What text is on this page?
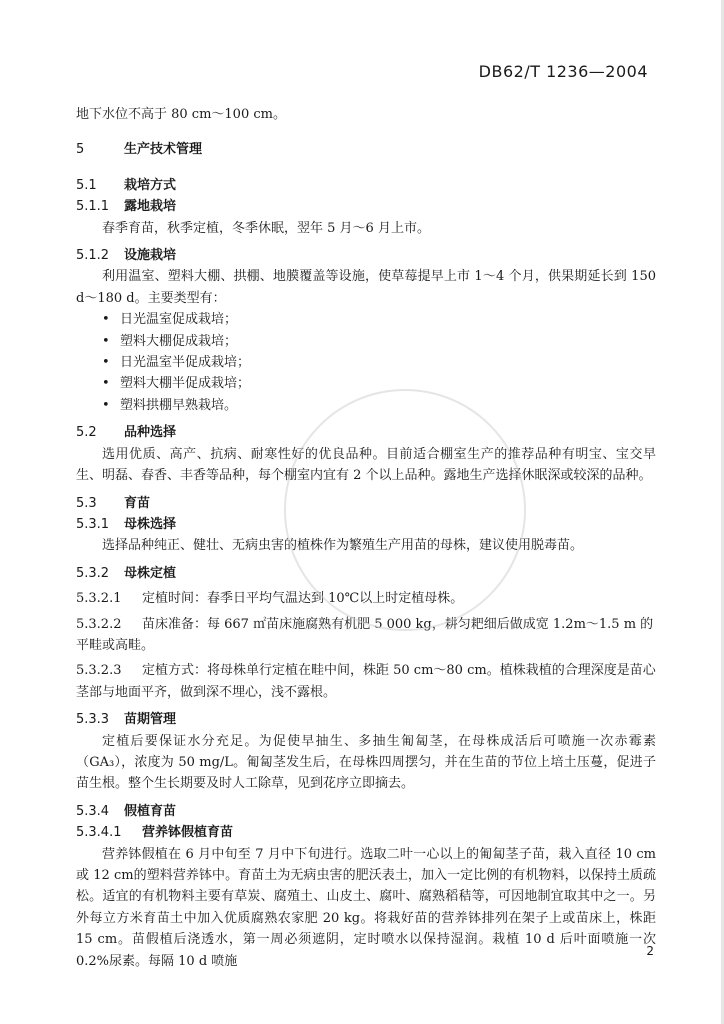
DB62/T 1236—2004
地下水位不高于 80 cm～100 cm。
5	生产技术管理
5.1 栽培方式
5.1.1 露地栽培
春季育苗，秋季定植，冬季休眠，翌年 5 月～6 月上市。
5.1.2 设施栽培
利用温室、塑料大棚、拱棚、地膜覆盖等设施，使草莓提早上市 1～4 个月，供果期延长到 150 d～180 d。主要类型有：
• 日光温室促成栽培；
• 塑料大棚促成栽培；
• 日光温室半促成栽培；
• 塑料大棚半促成栽培；
• 塑料拱棚早熟栽培。
5.2 品种选择
选用优质、高产、抗病、耐寒性好的优良品种。目前适合棚室生产的推荐品种有明宝、宝交早生、明磊、春香、丰香等品种，每个棚室内宜有 2 个以上品种。露地生产选择休眠深或较深的品种。
5.3 育苗
5.3.1 母株选择
选择品种纯正、健壮、无病虫害的植株作为繁殖生产用苗的母株，建议使用脱毒苗。
5.3.2 母株定植
5.3.2.1 定植时间：春季日平均气温达到 10℃以上时定植母株。
5.3.2.2 苗床准备：每 667 ㎡苗床施腐熟有机肥 5 000 kg，耕匀耙细后做成宽 1.2m～1.5 m 的平畦或高畦。
5.3.2.3 定植方式：将母株单行定植在畦中间，株距 50 cm～80 cm。植株栽植的合理深度是苗心茎部与地面平齐，做到深不埋心，浅不露根。
5.3.3 苗期管理
定植后要保证水分充足。为促使早抽生、多抽生匍匐茎，在母株成活后可喷施一次赤霉素（GA₃），浓度为 50 mg/L。匍匐茎发生后，在母株四周摆匀，并在生苗的节位上培土压蔓，促进子苗生根。整个生长期要及时人工除草，见到花序立即摘去。
5.3.4 假植育苗
5.3.4.1 营养钵假植育苗
营养钵假植在 6 月中旬至 7 月中下旬进行。选取二叶一心以上的匍匐茎子苗，栽入直径 10 cm或 12 cm的塑料营养钵中。育苗土为无病虫害的肥沃表土，加入一定比例的有机物料，以保持土质疏松。适宜的有机物料主要有草炭、腐殖土、山皮土、腐叶、腐熟稻秸等，可因地制宜取其中之一。另外每立方米育苗土中加入优质腐熟农家肥 20 kg。将栽好苗的营养钵排列在架子上或苗床上，株距 15 cm。苗假植后浇透水，第一周必须遮阴，定时喷水以保持湿润。栽植 10 d 后叶面喷施一次 0.2%尿素。每隔 10 d 喷施
2
